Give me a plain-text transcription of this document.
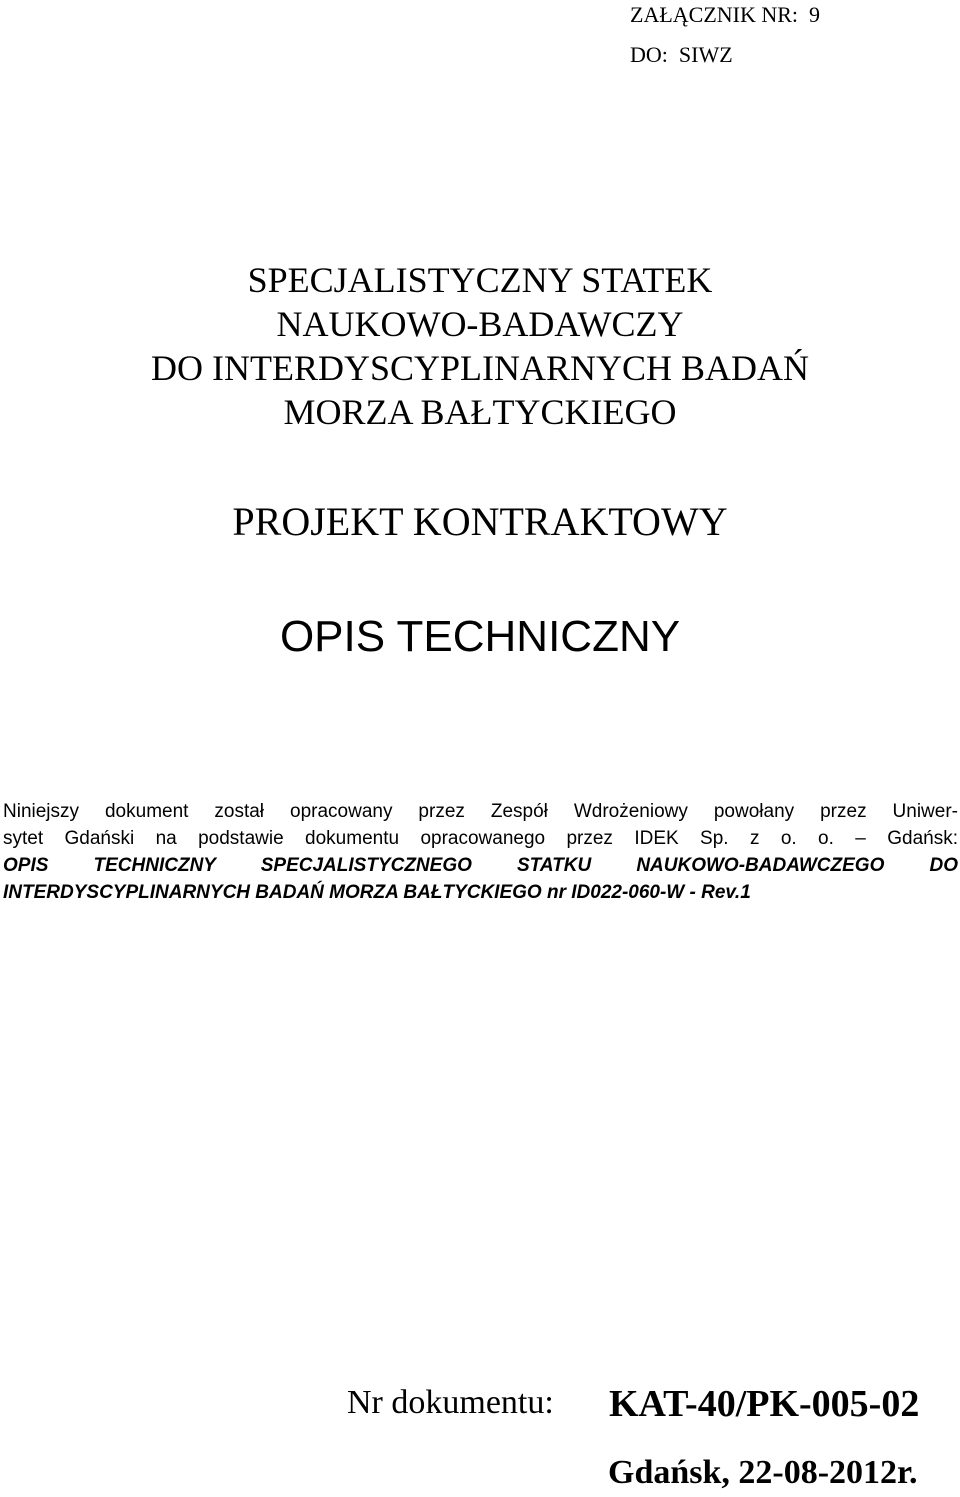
ZAŁĄCZNIK NR:  9
DO:  SIWZ
SPECJALISTYCZNY STATEK
NAUKOWO-BADAWCZY
DO INTERDYSCYPLINARNYCH BADAŃ
MORZA BAŁTYCKIEGO
PROJEKT KONTRAKTOWY
OPIS TECHNICZNY
Niniejszy dokument został opracowany przez Zespół Wdrożeniowy powołany przez Uniwer-
sytet Gdański na podstawie dokumentu opracowanego przez IDEK Sp. z o. o. – Gdańsk:
OPIS TECHNICZNY SPECJALISTYCZNEGO STATKU NAUKOWO-BADAWCZEGO DO
INTERDYSCYPLINARNYCH BADAŃ MORZA BAŁTYCKIEGO nr ID022-060-W - Rev.1
Nr dokumentu: KAT-40/PK-005-02
Gdańsk, 22-08-2012r.
